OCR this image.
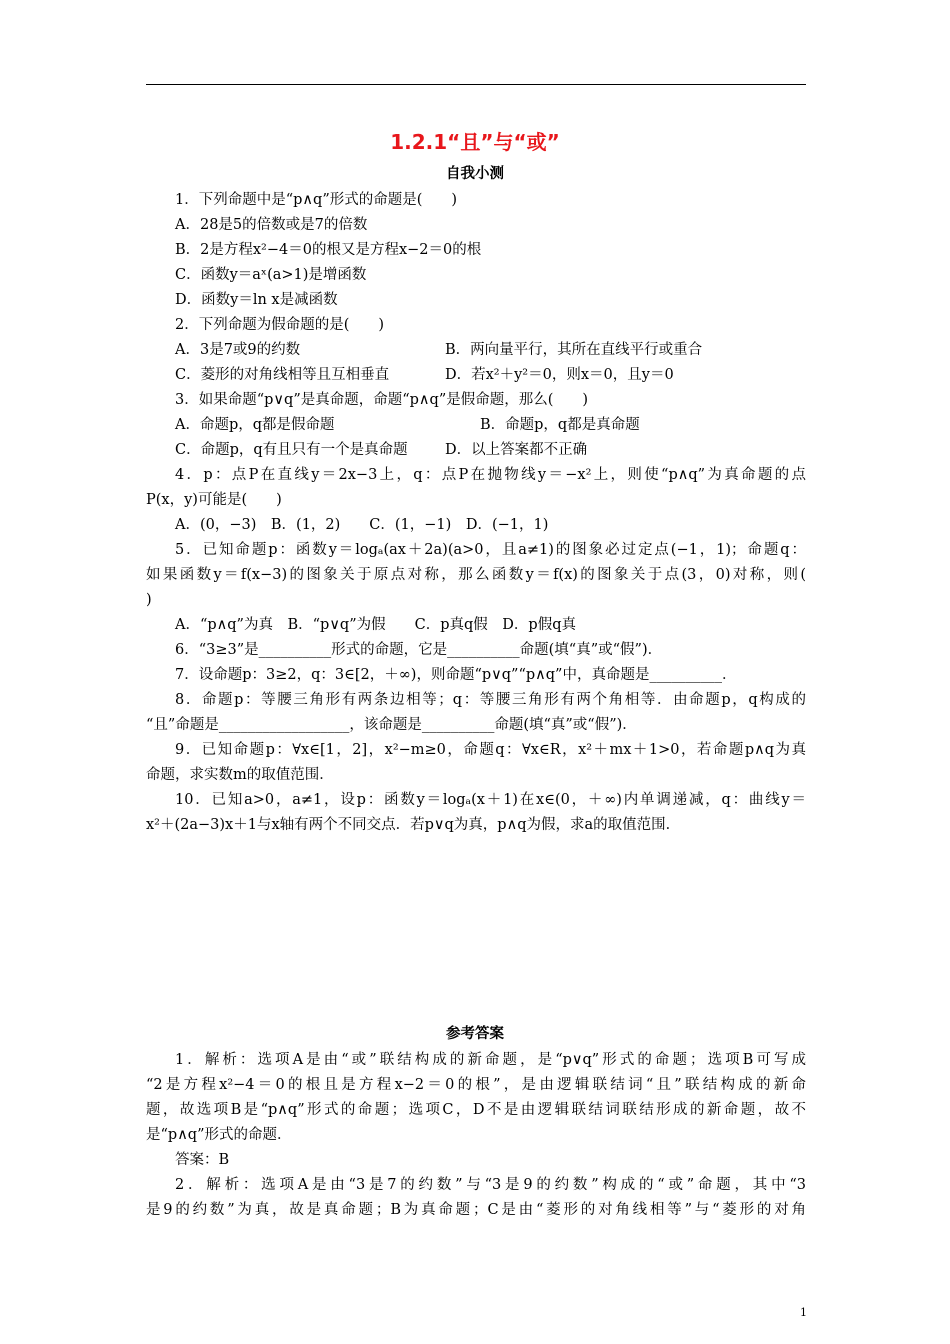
1.2.1“且”与“或”
自我小测
1．下列命题中是“p∧q”形式的命题是(　　)
A．28是5的倍数或是7的倍数
B．2是方程x²−4＝0的根又是方程x−2＝0的根
C．函数y＝aˣ(a>1)是增函数
D．函数y＝ln x是减函数
2．下列命题为假命题的是(　　)
A．3是7或9的约数	B．两向量平行，其所在直线平行或重合
C．菱形的对角线相等且互相垂直	D．若x²＋y²＝0，则x＝0，且y＝0
3．如果命题“p∨q”是真命题，命题“p∧q”是假命题，那么(　　)
A．命题p，q都是假命题	B．命题p，q都是真命题
C．命题p，q有且只有一个是真命题	D．以上答案都不正确
4．p：点P在直线y＝2x−3上，q：点P在抛物线y＝−x²上，则使“p∧q”为真命题的点
P(x，y)可能是(　　)
A．(0，−3)　B．(1，2)　　C．(1，−1)　D．(−1，1)
5．已知命题p：函数y＝logₐ(ax＋2a)(a>0，且a≠1)的图象必过定点(−1，1)；命题q：
如果函数y＝f(x−3)的图象关于原点对称，那么函数y＝f(x)的图象关于点(3，0)对称，则(
)
A．“p∧q”为真　B．“p∨q”为假　　C．p真q假　D．p假q真
6．“3≥3”是__________形式的命题，它是__________命题(填“真”或“假”)．
7．设命题p：3≥2，q：3∈[2，＋∞)，则命题“p∨q”“p∧q”中，真命题是__________．
8．命题p：等腰三角形有两条边相等；q：等腰三角形有两个角相等．由命题p，q构成的
“且”命题是__________________，该命题是__________命题(填“真”或“假”)．
9．已知命题p：∀x∈[1，2]，x²−m≥0，命题q：∀x∈R，x²＋mx＋1>0，若命题p∧q为真
命题，求实数m的取值范围．
10．已知a>0，a≠1，设p：函数y＝logₐ(x＋1)在x∈(0，＋∞)内单调递减，q：曲线y＝
x²＋(2a−3)x＋1与x轴有两个不同交点．若p∨q为真，p∧q为假，求a的取值范围．
参考答案
1．解析：选项A是由“或”联结构成的新命题，是“p∨q”形式的命题；选项B可写成
“2是方程x²−4＝0的根且是方程x−2＝0的根”，是由逻辑联结词“且”联结构成的新命
题，故选项B是“p∧q”形式的命题；选项C，D不是由逻辑联结词联结形成的新命题，故不
是“p∧q”形式的命题．
答案：B
2．解析：选项A是由“3是7的约数”与“3是9的约数”构成的“或”命题，其中“3
是9的约数”为真，故是真命题；B为真命题；C是由“菱形的对角线相等”与“菱形的对角
1
